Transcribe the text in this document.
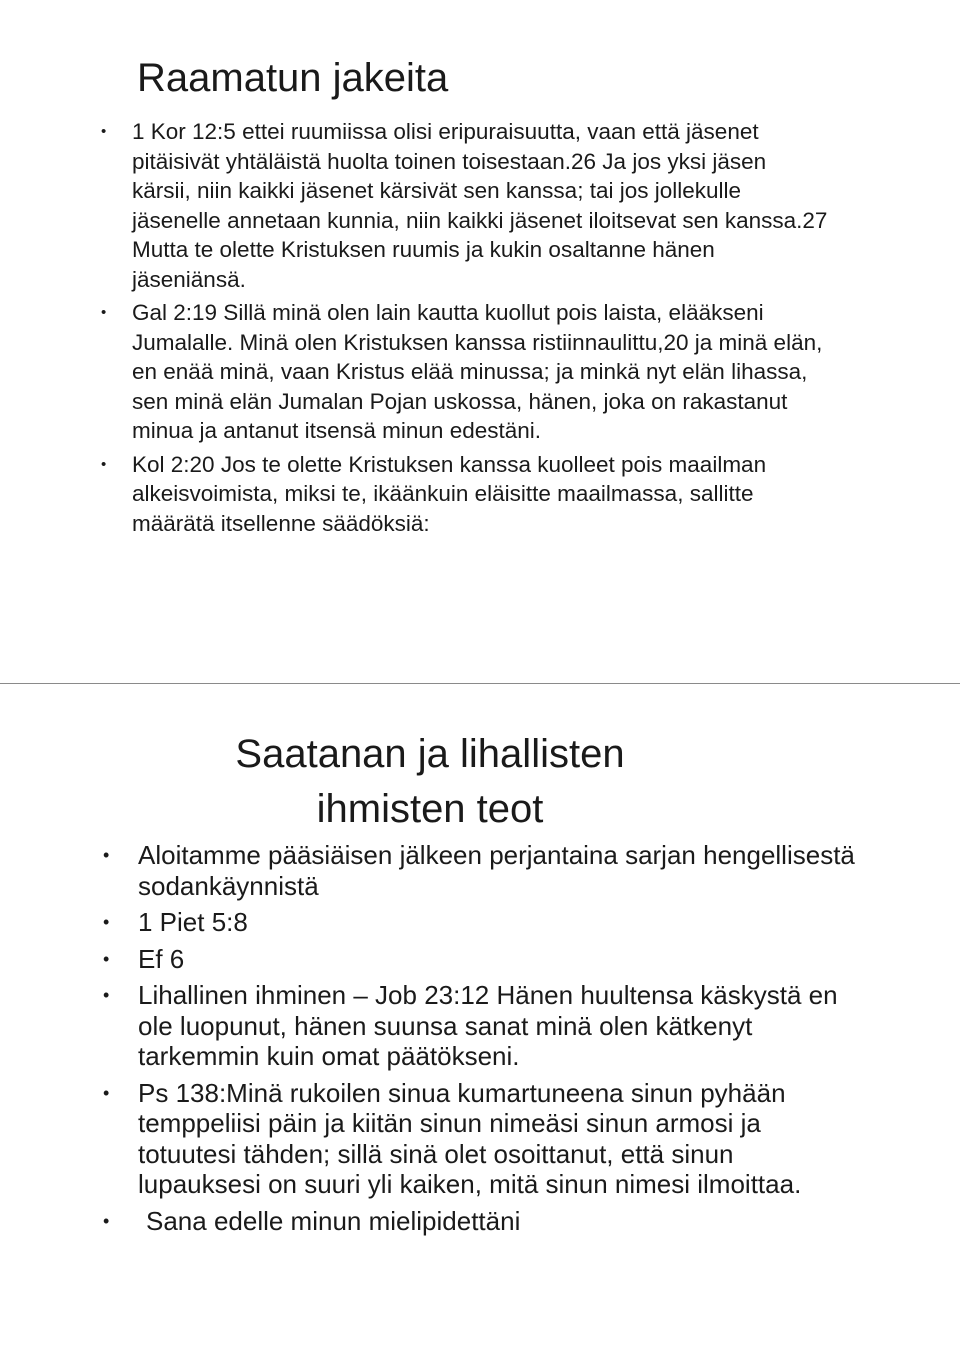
Raamatun jakeita
• 1 Kor 12:5 ettei ruumiissa olisi eripuraisuutta, vaan että jäsenet pitäisivät yhtäläistä huolta toinen toisestaan.26 Ja jos yksi jäsen kärsii, niin kaikki jäsenet kärsivät sen kanssa; tai jos jollekulle jäsenelle annetaan kunnia, niin kaikki jäsenet iloitsevat sen kanssa.27 Mutta te olette Kristuksen ruumis ja kukin osaltanne hänen jäseniänsä.
• Gal 2:19 Sillä minä olen lain kautta kuollut pois laista, elääkseni Jumalalle. Minä olen Kristuksen kanssa ristiinnaulittu,20 ja minä elän, en enää minä, vaan Kristus elää minussa; ja minkä nyt elän lihassa, sen minä elän Jumalan Pojan uskossa, hänen, joka on rakastanut minua ja antanut itsensä minun edestäni.
• Kol 2:20 Jos te olette Kristuksen kanssa kuolleet pois maailman alkeisvoimista, miksi te, ikäänkuin eläisitte maailmassa, sallitte määrätä itsellenne säädöksiä:
Saatanan ja lihallisten
ihmisten teot
• Aloitamme pääsiäisen jälkeen perjantaina sarjan hengellisestä sodankäynnistä
• 1 Piet 5:8
• Ef 6
• Lihallinen ihminen – Job 23:12 Hänen huultensa käskystä en ole luopunut, hänen suunsa sanat minä olen kätkenyt tarkemmin kuin omat päätökseni.
• Ps 138:Minä rukoilen sinua kumartuneena sinun pyhään temppeliisi päin ja kiitän sinun nimeäsi sinun armosi ja totuutesi tähden; sillä sinä olet osoittanut, että sinun lupauksesi on suuri yli kaiken, mitä sinun nimesi ilmoittaa.
•	Sana edelle minun mielipidettäni
